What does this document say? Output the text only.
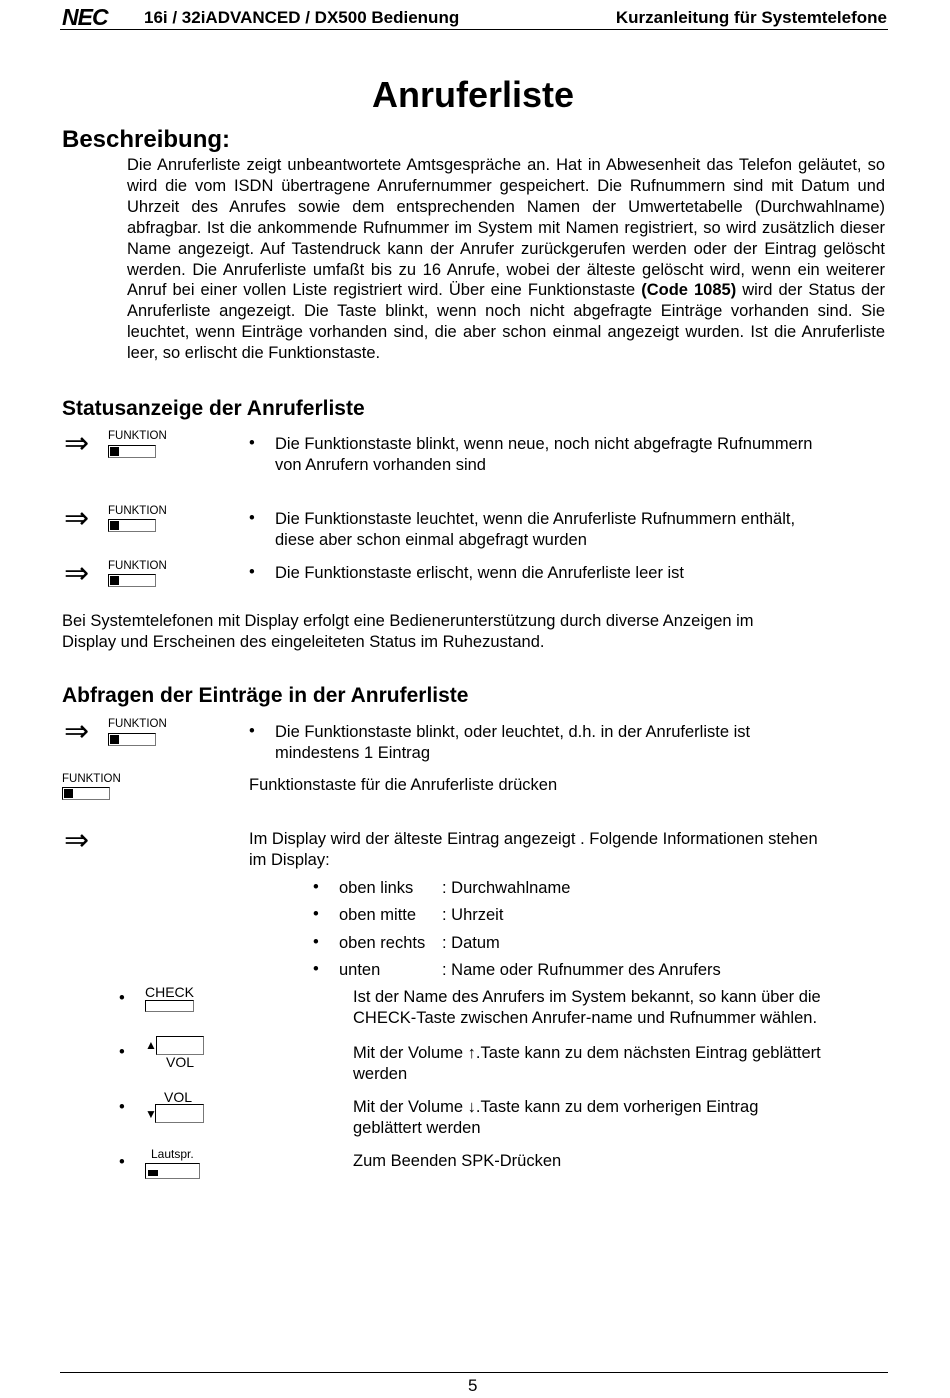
NEC 16i / 32iADVANCED / DX500 Bedienung	Kurzanleitung für Systemtelefone
Anruferliste
Beschreibung:
Die Anruferliste zeigt unbeantwortete Amtsgespräche an. Hat in Abwesenheit das Telefon geläutet, so wird die vom ISDN übertragene Anrufernummer gespeichert. Die Rufnummern sind mit Datum und Uhrzeit des Anrufes sowie dem entsprechenden Namen der Umwertetabelle (Durchwahlname) abfragbar. Ist die ankommende Rufnummer im System mit Namen registriert, so wird zusätzlich dieser Name angezeigt. Auf Tastendruck kann der Anrufer zurückgerufen werden oder der Eintrag gelöscht werden. Die Anruferliste umfaßt bis zu 16 Anrufe, wobei der älteste gelöscht wird, wenn ein weiterer Anruf bei einer vollen Liste registriert wird. Über eine Funktionstaste (Code 1085) wird der Status der Anruferliste angezeigt. Die Taste blinkt, wenn noch nicht abgefragte Einträge vorhanden sind. Sie leuchtet, wenn Einträge vorhanden sind, die aber schon einmal angezeigt wurden. Ist die Anruferliste leer, so erlischt die Funktionstaste.
Statusanzeige der Anruferliste
⇒ FUNKTION	• Die Funktionstaste blinkt, wenn neue, noch nicht abgefragte Rufnummern
von Anrufern vorhanden sind
⇒ FUNKTION	• Die Funktionstaste leuchtet, wenn die Anruferliste Rufnummern enthält,
diese aber schon einmal abgefragt wurden
⇒ FUNKTION	• Die Funktionstaste erlischt, wenn die Anruferliste leer ist
Bei Systemtelefonen mit Display erfolgt eine Bedienerunterstützung durch diverse Anzeigen im
Display und Erscheinen des eingeleiteten Status im Ruhezustand.
Abfragen der Einträge in der Anruferliste
⇒ FUNKTION	• Die Funktionstaste blinkt, oder leuchtet, d.h. in der Anruferliste ist
mindestens 1 Eintrag
FUNKTION	Funktionstaste für die Anruferliste drücken
⇒	Im Display wird der älteste Eintrag angezeigt . Folgende Informationen stehen
im Display:
• oben links : Durchwahlname
• oben mitte : Uhrzeit
• oben rechts : Datum
• unten	: Name oder Rufnummer des Anrufers
• CHECK	Ist der Name des Anrufers im System bekannt, so kann über die
CHECK-Taste zwischen Anrufer-name und Rufnummer wählen.
• ▲
VOL	Mit der Volume ↑.Taste kann zu dem nächsten Eintrag geblättert
werden
•
VOL
▼	Mit der Volume ↓.Taste kann zu dem vorherigen Eintrag
geblättert werden
• Lautspr.	Zum Beenden SPK-Drücken
5
